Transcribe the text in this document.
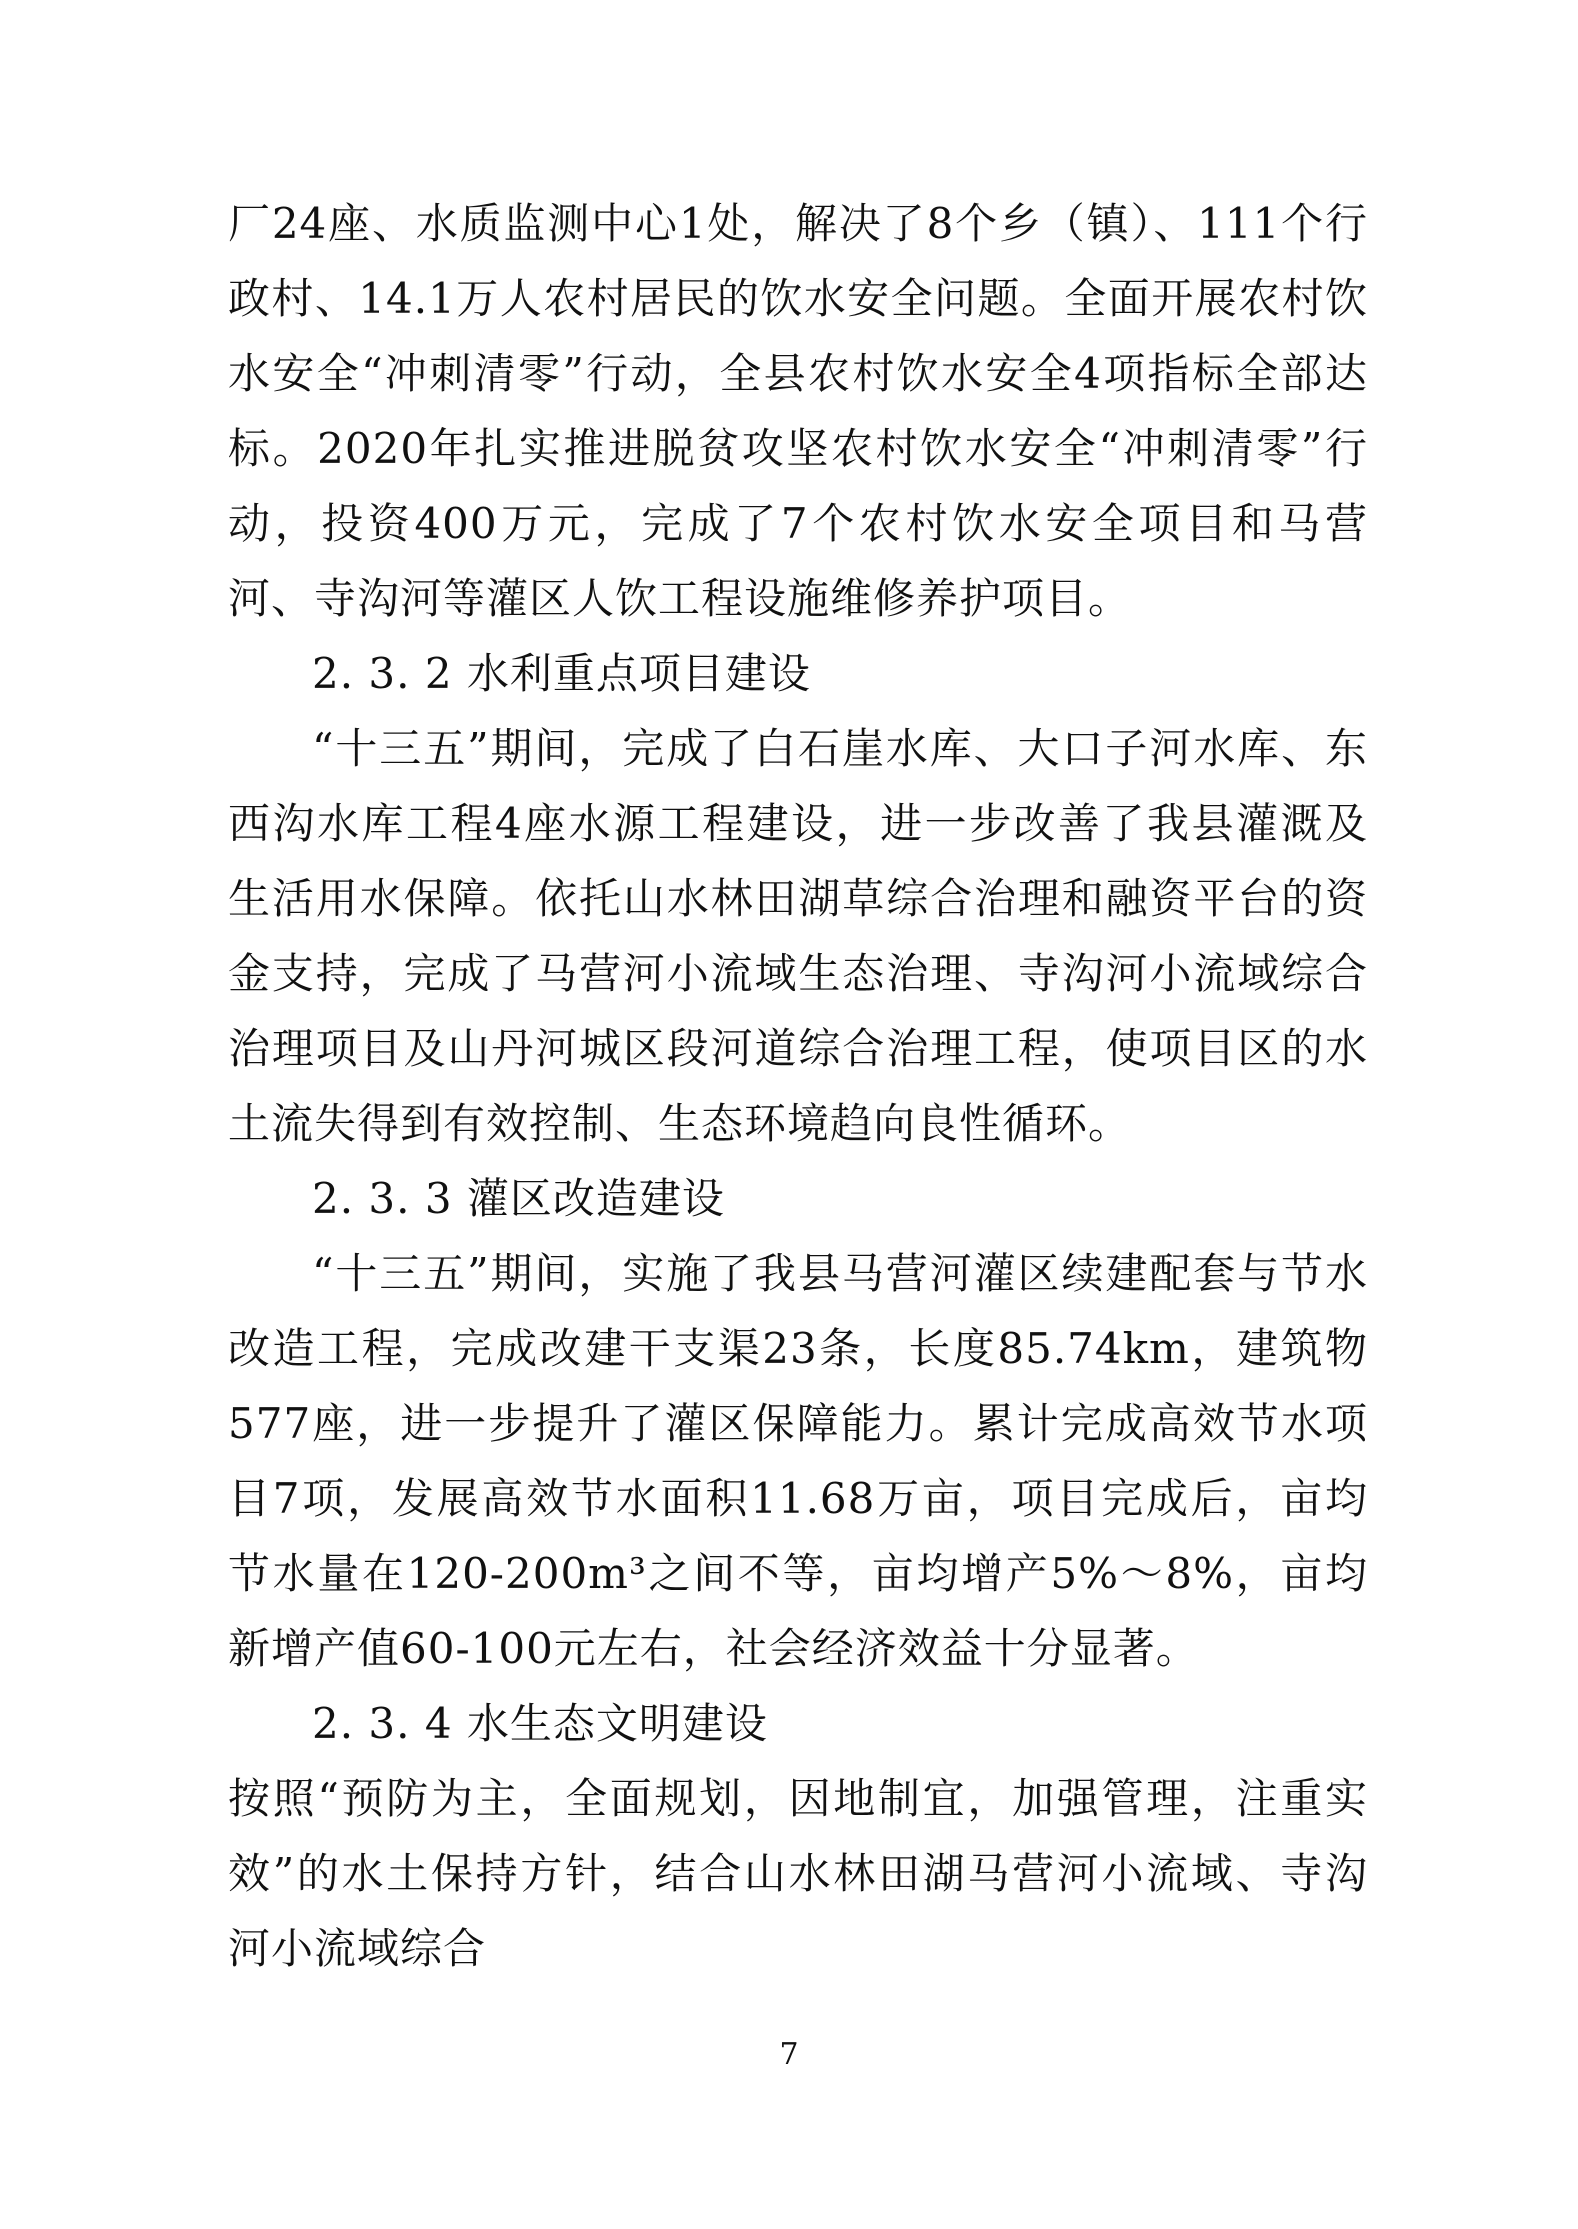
厂24座、水质监测中心1处，解决了8个乡（镇）、111个行政村、14.1万人农村居民的饮水安全问题。全面开展农村饮水安全“冲刺清零”行动，全县农村饮水安全4项指标全部达标。2020年扎实推进脱贫攻坚农村饮水安全“冲刺清零”行动，投资400万元，完成了7个农村饮水安全项目和马营河、寺沟河等灌区人饮工程设施维修养护项目。

2. 3. 2 水利重点项目建设

“十三五”期间，完成了白石崖水库、大口子河水库、东西沟水库工程4座水源工程建设，进一步改善了我县灌溉及生活用水保障。依托山水林田湖草综合治理和融资平台的资金支持，完成了马营河小流域生态治理、寺沟河小流域综合治理项目及山丹河城区段河道综合治理工程，使项目区的水土流失得到有效控制、生态环境趋向良性循环。

2. 3. 3 灌区改造建设

“十三五”期间，实施了我县马营河灌区续建配套与节水改造工程，完成改建干支渠23条，长度85.74km，建筑物577座，进一步提升了灌区保障能力。累计完成高效节水项目7项，发展高效节水面积11.68万亩，项目完成后，亩均节水量在120-200m³之间不等，亩均增产5%～8%，亩均新增产值60-100元左右，社会经济效益十分显著。

2. 3. 4 水生态文明建设

按照“预防为主，全面规划，因地制宜，加强管理，注重实效”的水土保持方针，结合山水林田湖马营河小流域、寺沟河小流域综合

7
